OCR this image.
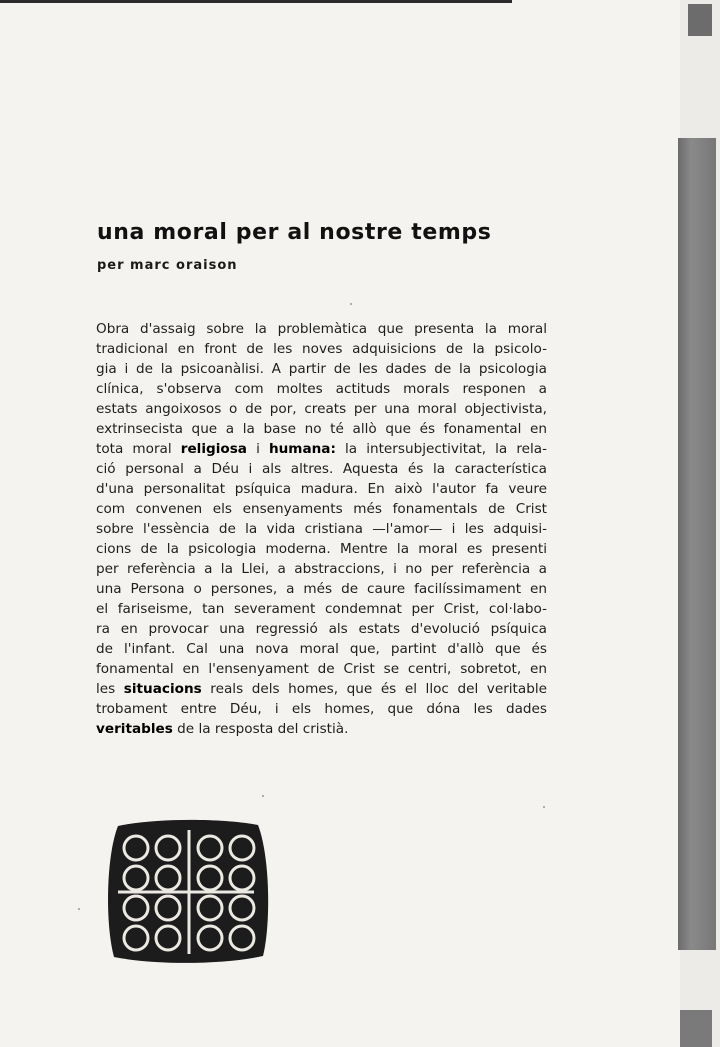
una moral per al nostre temps
per marc oraison
Obra d'assaig sobre la problemàtica que presenta la moral
tradicional en front de les noves adquisicions de la psicolo-
gia i de la psicoanàlisi. A partir de les dades de la psicologia
clínica, s'observa com moltes actituds morals responen a
estats angoixosos o de por, creats per una moral objectivista,
extrinsecista que a la base no té allò que és fonamental en
tota moral religiosa i humana: la intersubjectivitat, la rela-
ció personal a Déu i als altres. Aquesta és la característica
d'una personalitat psíquica madura. En això l'autor fa veure
com convenen els ensenyaments més fonamentals de Crist
sobre l'essència de la vida cristiana —l'amor— i les adquisi-
cions de la psicologia moderna. Mentre la moral es presenti
per referència a la Llei, a abstraccions, i no per referència a
una Persona o persones, a més de caure facilíssimament en
el fariseisme, tan severament condemnat per Crist, col·labo-
ra en provocar una regressió als estats d'evolució psíquica
de l'infant. Cal una nova moral que, partint d'allò que és
fonamental en l'ensenyament de Crist se centri, sobretot, en
les situacions reals dels homes, que és el lloc del veritable
trobament entre Déu, i els homes, que dóna les dades
veritables de la resposta del cristià.
